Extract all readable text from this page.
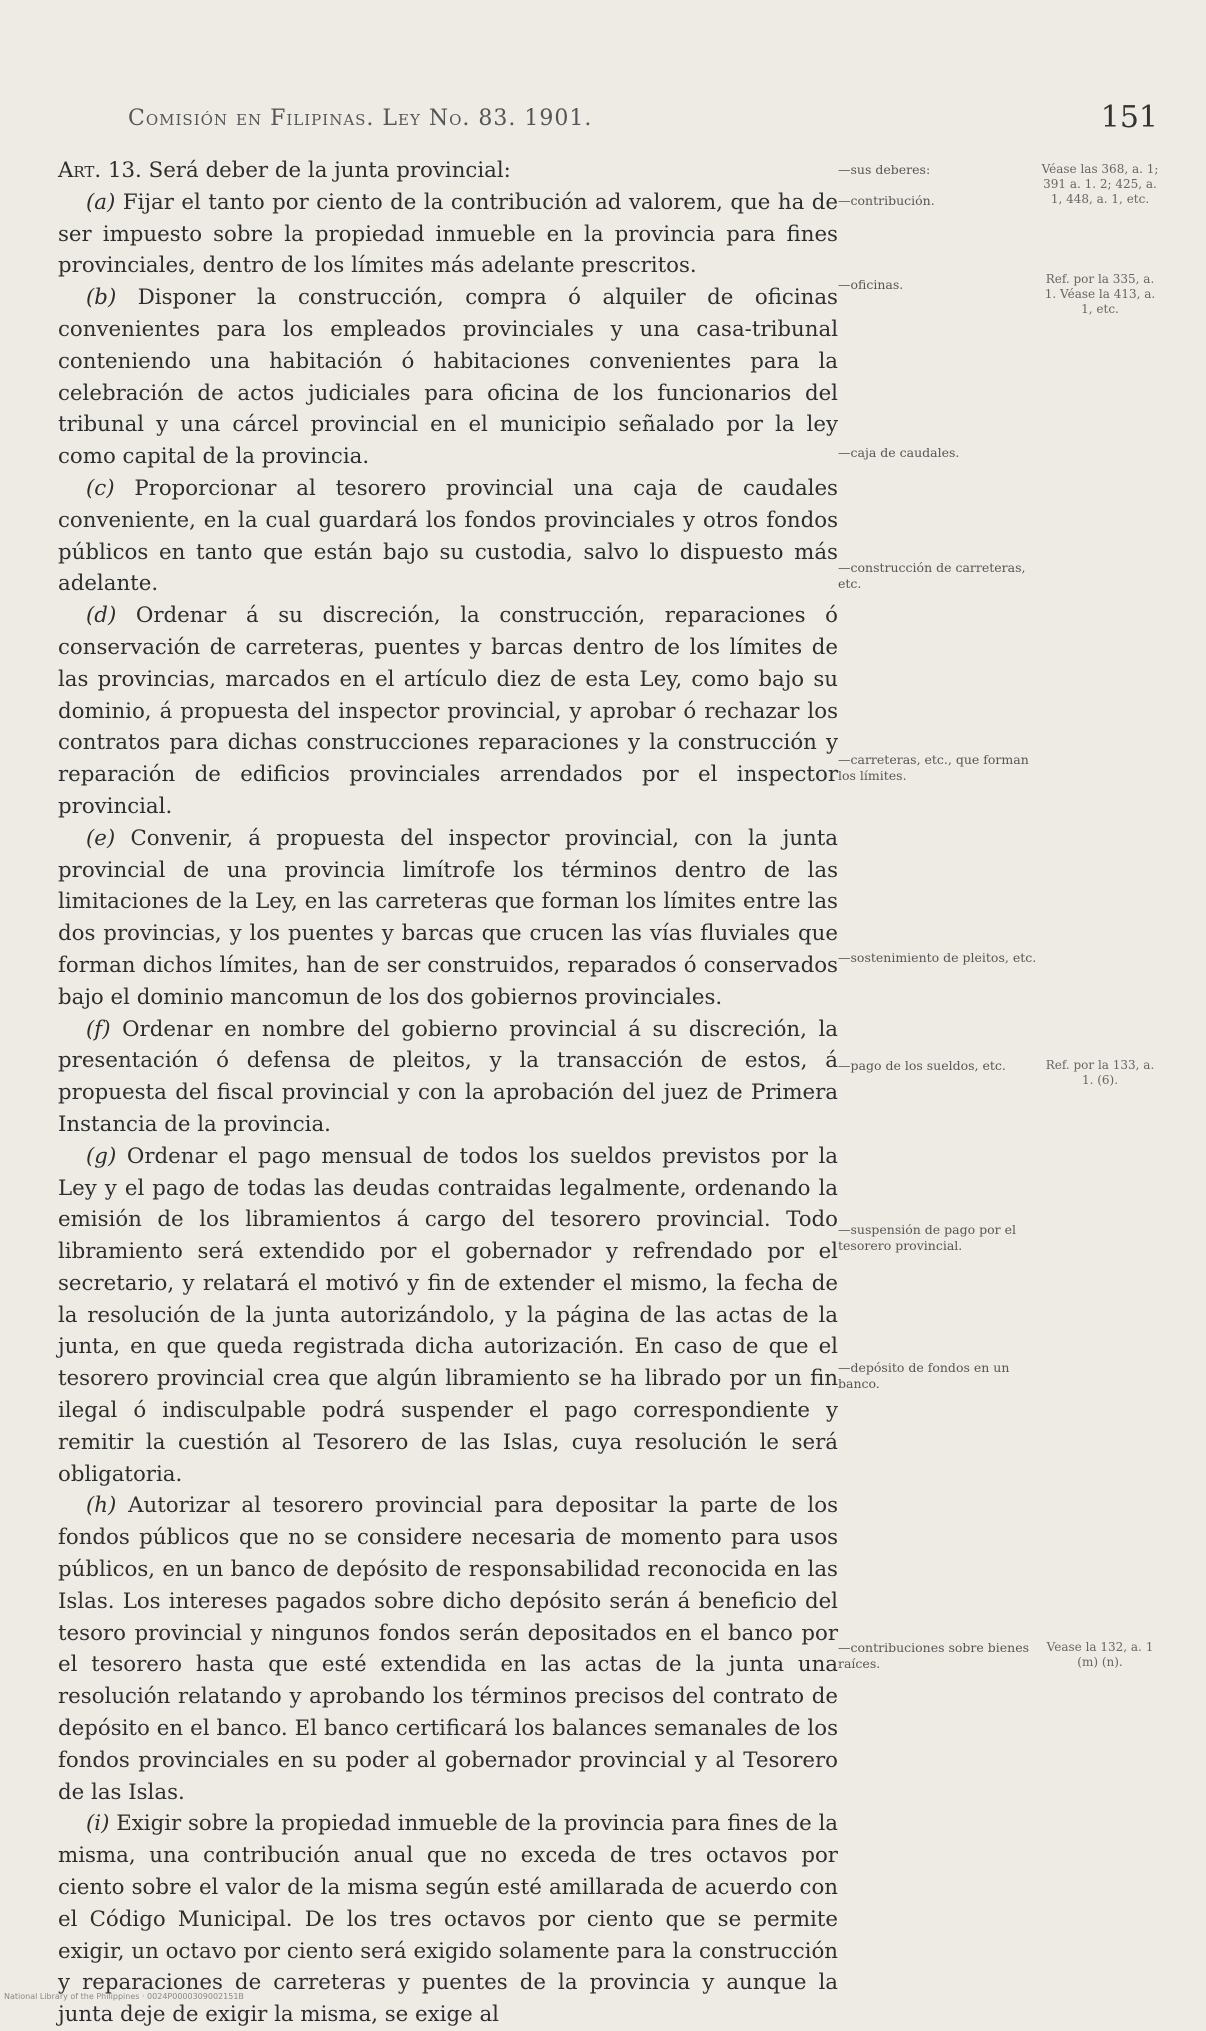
Comisión en Filipinas. Ley No. 83. 1901.	151

Art. 13. Será deber de la junta provincial:

(a) Fijar el tanto por ciento de la contribución ad valorem, que ha de ser impuesto sobre la propiedad inmueble en la provincia para fines provinciales, dentro de los límites más adelante prescritos.

(b) Disponer la construcción, compra ó alquiler de oficinas convenientes para los empleados provinciales y una casa-tribunal conteniendo una habitación ó habitaciones convenientes para la celebración de actos judiciales para oficina de los funcionarios del tribunal y una cárcel provincial en el municipio señalado por la ley como capital de la provincia.

(c) Proporcionar al tesorero provincial una caja de caudales conveniente, en la cual guardará los fondos provinciales y otros fondos públicos en tanto que están bajo su custodia, salvo lo dispuesto más adelante.

(d) Ordenar á su discreción, la construcción, reparaciones ó conservación de carreteras, puentes y barcas dentro de los límites de las provincias, marcados en el artículo diez de esta Ley, como bajo su dominio, á propuesta del inspector provincial, y aprobar ó rechazar los contratos para dichas construcciones reparaciones y la construcción y reparación de edificios provinciales arrendados por el inspector provincial.

(e) Convenir, á propuesta del inspector provincial, con la junta provincial de una provincia limítrofe los términos dentro de las limitaciones de la Ley, en las carreteras que forman los límites entre las dos provincias, y los puentes y barcas que crucen las vías fluviales que forman dichos límites, han de ser construidos, reparados ó conservados bajo el dominio mancomun de los dos gobiernos provinciales.

(f) Ordenar en nombre del gobierno provincial á su discreción, la presentación ó defensa de pleitos, y la transacción de estos, á propuesta del fiscal provincial y con la aprobación del juez de Primera Instancia de la provincia.

(g) Ordenar el pago mensual de todos los sueldos previstos por la Ley y el pago de todas las deudas contraidas legalmente, ordenando la emisión de los libramientos á cargo del tesorero provincial. Todo libramiento será extendido por el gobernador y refrendado por el secretario, y relatará el motivó y fin de extender el mismo, la fecha de la resolución de la junta autorizándolo, y la página de las actas de la junta, en que queda registrada dicha autorización. En caso de que el tesorero provincial crea que algún libramiento se ha librado por un fin ilegal ó indisculpable podrá suspender el pago correspondiente y remitir la cuestión al Tesorero de las Islas, cuya resolución le será obligatoria.

(h) Autorizar al tesorero provincial para depositar la parte de los fondos públicos que no se considere necesaria de momento para usos públicos, en un banco de depósito de responsabilidad reconocida en las Islas. Los intereses pagados sobre dicho depósito serán á beneficio del tesoro provincial y ningunos fondos serán depositados en el banco por el tesorero hasta que esté extendida en las actas de la junta una resolución relatando y aprobando los términos precisos del contrato de depósito en el banco. El banco certificará los balances semanales de los fondos provinciales en su poder al gobernador provincial y al Tesorero de las Islas.

(i) Exigir sobre la propiedad inmueble de la provincia para fines de la misma, una contribución anual que no exceda de tres octavos por ciento sobre el valor de la misma según esté amillarada de acuerdo con el Código Municipal. De los tres octavos por ciento que se permite exigir, un octavo por ciento será exigido solamente para la construcción y reparaciones de carreteras y puentes de la provincia y aunque la junta deje de exigir la misma, se exige al

—sus deberes:
—contribución.
—oficinas.
—caja de caudales.
—construcción de carreteras, etc.
—carreteras, etc., que forman los límites.
—sostenimiento de pleitos, etc.
—pago de los sueldos, etc.
—suspensión de pago por el tesorero provincial.
—depósito de fondos en un banco.
—contribuciones sobre bienes raíces.
Véase las 368, a. 1; 391 a. 1. 2; 425, a. 1, 448, a. 1, etc.
Ref. por la 335, a. 1. Véase la 413, a. 1, etc.
Ref. por la 133, a. 1. (6).
Vease la 132, a. 1 (m) (n).
National Library of the Philippines · 0024P0000309002151B
